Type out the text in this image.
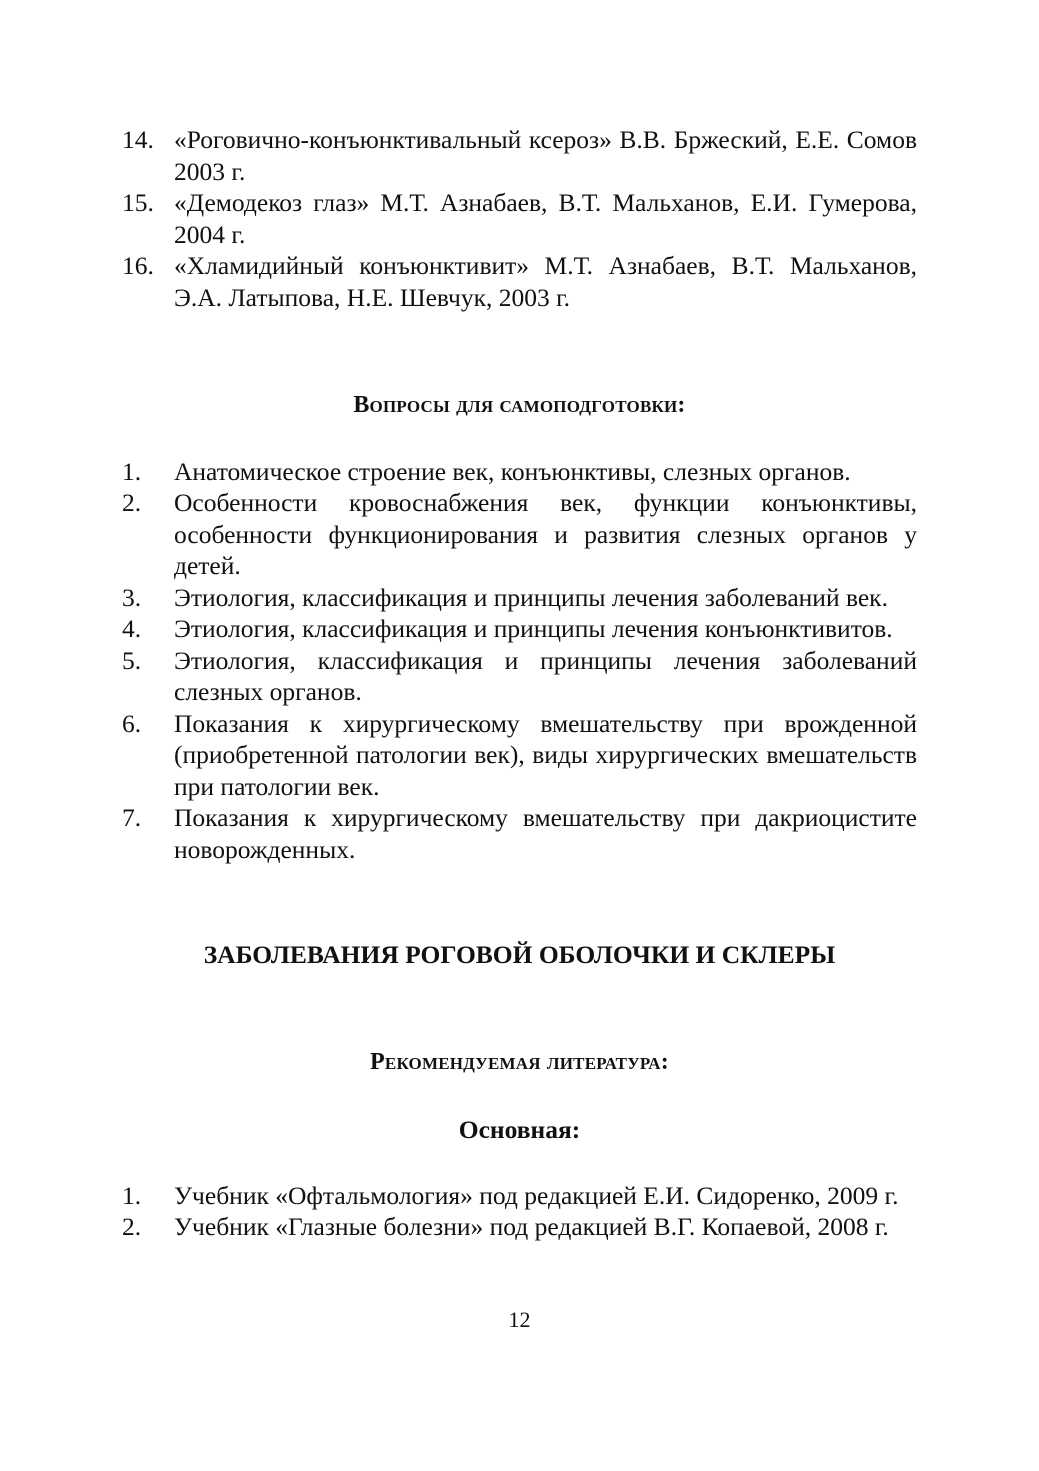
14. «Роговично-конъюнктивальный ксероз» В.В. Бржеский, Е.Е. Сомов 2003 г.
15. «Демодекоз глаз» М.Т. Азнабаев, В.Т. Мальханов, Е.И. Гумерова, 2004 г.
16. «Хламидийный конъюнктивит» М.Т. Азнабаев, В.Т. Мальханов, Э.А. Латыпова, Н.Е. Шевчук, 2003 г.
Вопросы для самоподготовки:
1.	Анатомическое строение век, конъюнктивы, слезных органов.
2.	Особенности кровоснабжения век, функции конъюнктивы, особенности функционирования и развития слезных органов у детей.
3.	Этиология, классификация и принципы лечения заболеваний век.
4.	Этиология, классификация и принципы лечения конъюнктивитов.
5.	Этиология, классификация и принципы лечения заболеваний слезных органов.
6.	Показания к хирургическому вмешательству при врожденной (приобретенной патологии век), виды хирургических вмешательств при патологии век.
7.	Показания к хирургическому вмешательству при дакриоцистите новорожденных.
ЗАБОЛЕВАНИЯ РОГОВОЙ ОБОЛОЧКИ И СКЛЕРЫ
Рекомендуемая литература:
Основная:
1.	Учебник «Офтальмология» под редакцией Е.И. Сидоренко, 2009 г.
2.	Учебник «Глазные болезни» под редакцией В.Г. Копаевой, 2008 г.
12
